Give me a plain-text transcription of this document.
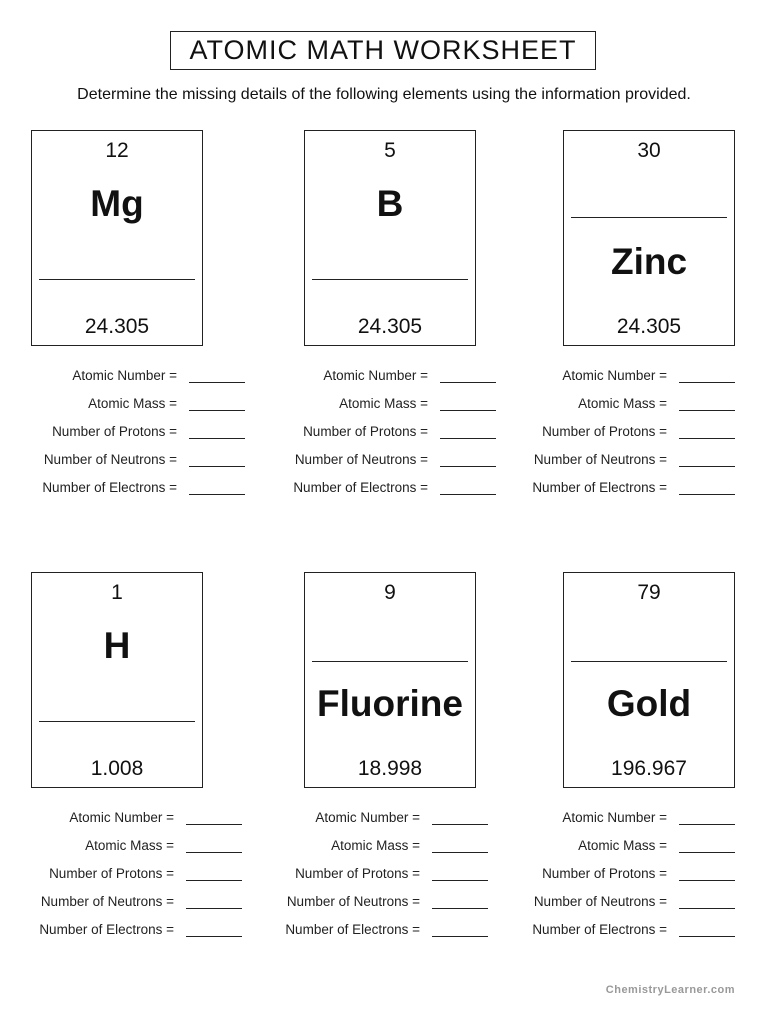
ATOMIC MATH WORKSHEET
Determine the missing details of the following elements using the information provided.
12
Mg
24.305
5
B
24.305
30
Zinc
24.305
1
H
1.008
9
Fluorine
18.998
79
Gold
196.967
Atomic Number =
Atomic Mass =
Number of Protons =
Number of Neutrons =
Number of Electrons =
Atomic Number =
Atomic Mass =
Number of Protons =
Number of Neutrons =
Number of Electrons =
Atomic Number =
Atomic Mass =
Number of Protons =
Number of Neutrons =
Number of Electrons =
Atomic Number =
Atomic Mass =
Number of Protons =
Number of Neutrons =
Number of Electrons =
Atomic Number =
Atomic Mass =
Number of Protons =
Number of Neutrons =
Number of Electrons =
Atomic Number =
Atomic Mass =
Number of Protons =
Number of Neutrons =
Number of Electrons =
ChemistryLearner.com
